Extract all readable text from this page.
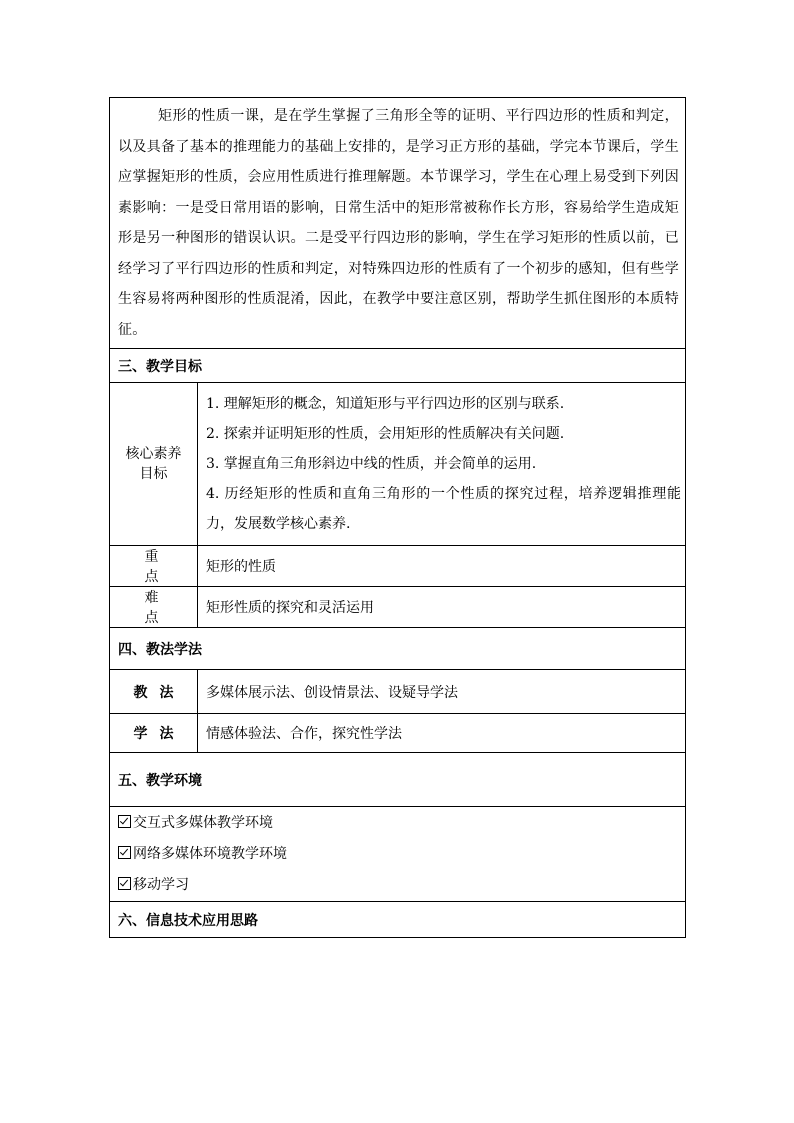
矩形的性质一课，是在学生掌握了三角形全等的证明、平行四边形的性质和判定，以及具备了基本的推理能力的基础上安排的，是学习正方形的基础，学完本节课后，学生应掌握矩形的性质，会应用性质进行推理解题。本节课学习，学生在心理上易受到下列因素影响：一是受日常用语的影响，日常生活中的矩形常被称作长方形，容易给学生造成矩形是另一种图形的错误认识。二是受平行四边形的影响，学生在学习矩形的性质以前，已经学习了平行四边形的性质和判定，对特殊四边形的性质有了一个初步的感知，但有些学生容易将两种图形的性质混淆，因此，在教学中要注意区别，帮助学生抓住图形的本质特征。	
三、教学目标	
核心素养目标	1. 理解矩形的概念，知道矩形与平行四边形的区别与联系.
2. 探索并证明矩形的性质，会用矩形的性质解决有关问题.
3. 掌握直角三角形斜边中线的性质，并会简单的运用.
4. 历经矩形的性质和直角三角形的一个性质的探究过程，培养逻辑推理能力，发展数学核心素养.

重点	矩形的性质
难点	矩形性质的探究和灵活运用
四、教法学法	
教法	多媒体展示法、创设情景法、设疑导学法
学法	情感体验法、合作，探究性学法
五、教学环境	

交互式多媒体教学环境
网络多媒体环境教学环境
移动学习	

六、信息技术应用思路	
